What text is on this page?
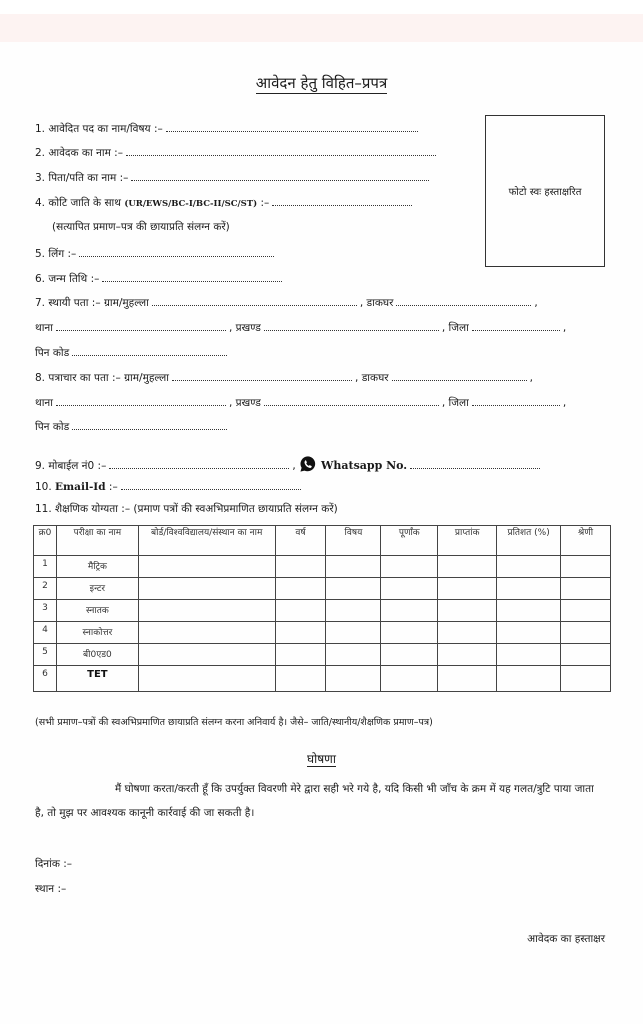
आवेदन हेतु विहित–प्रपत्र
फोटो स्वः हस्ताक्षरित
1. आवेदित पद का नाम/विषय :–
2. आवेदक का नाम :–
3. पिता/पति का नाम :–
4. कोटि जाति के साथ (UR/EWS/BC-I/BC-II/SC/ST) :–
(सत्यापित प्रमाण–पत्र की छायाप्रति संलग्न करें)
5. लिंग :–
6. जन्म तिथि :–
7. स्थायी पता :– ग्राम/मुहल्ला	, डाकघर	,
थाना	, प्रखण्ड	, जिला	,
पिन कोड
8. पत्राचार का पता :– ग्राम/मुहल्ला	, डाकघर	,
थाना	, प्रखण्ड	, जिला	,
पिन कोड
9. मोबाईल नं0 :–	, Whatsapp No.
10. Email-Id :–
11. शैक्षणिक योग्यता :– (प्रमाण पत्रों की स्वअभिप्रमाणित छायाप्रति संलग्न करें)
क्र0	परीक्षा का नाम	बोर्ड/विश्वविद्यालय/संस्थान का नाम	वर्ष	विषय	पूर्णांक	प्राप्तांक	प्रतिशत (%)	श्रेणी
1	मैट्रिक							
2	इन्टर							
3	स्नातक							
4	स्नाकोत्तर							
5	बी0एड0							
6	TET							
(सभी प्रमाण–पत्रों की स्वअभिप्रमाणित छायाप्रति संलग्न करना अनिवार्य है। जैसे– जाति/स्थानीय/शैक्षणिक प्रमाण–पत्र)
घोषणा
मैं घोषणा करता/करती हूँ कि उपर्युक्त विवरणी मेरे द्वारा सही भरे गये है, यदि किसी भी जाँच के क्रम में यह गलत/त्रुटि पाया जाता है, तो मुझ पर आवश्यक कानूनी कार्रवाई की जा सकती है।
दिनांक :–
स्थान :–
आवेदक का हस्ताक्षर
